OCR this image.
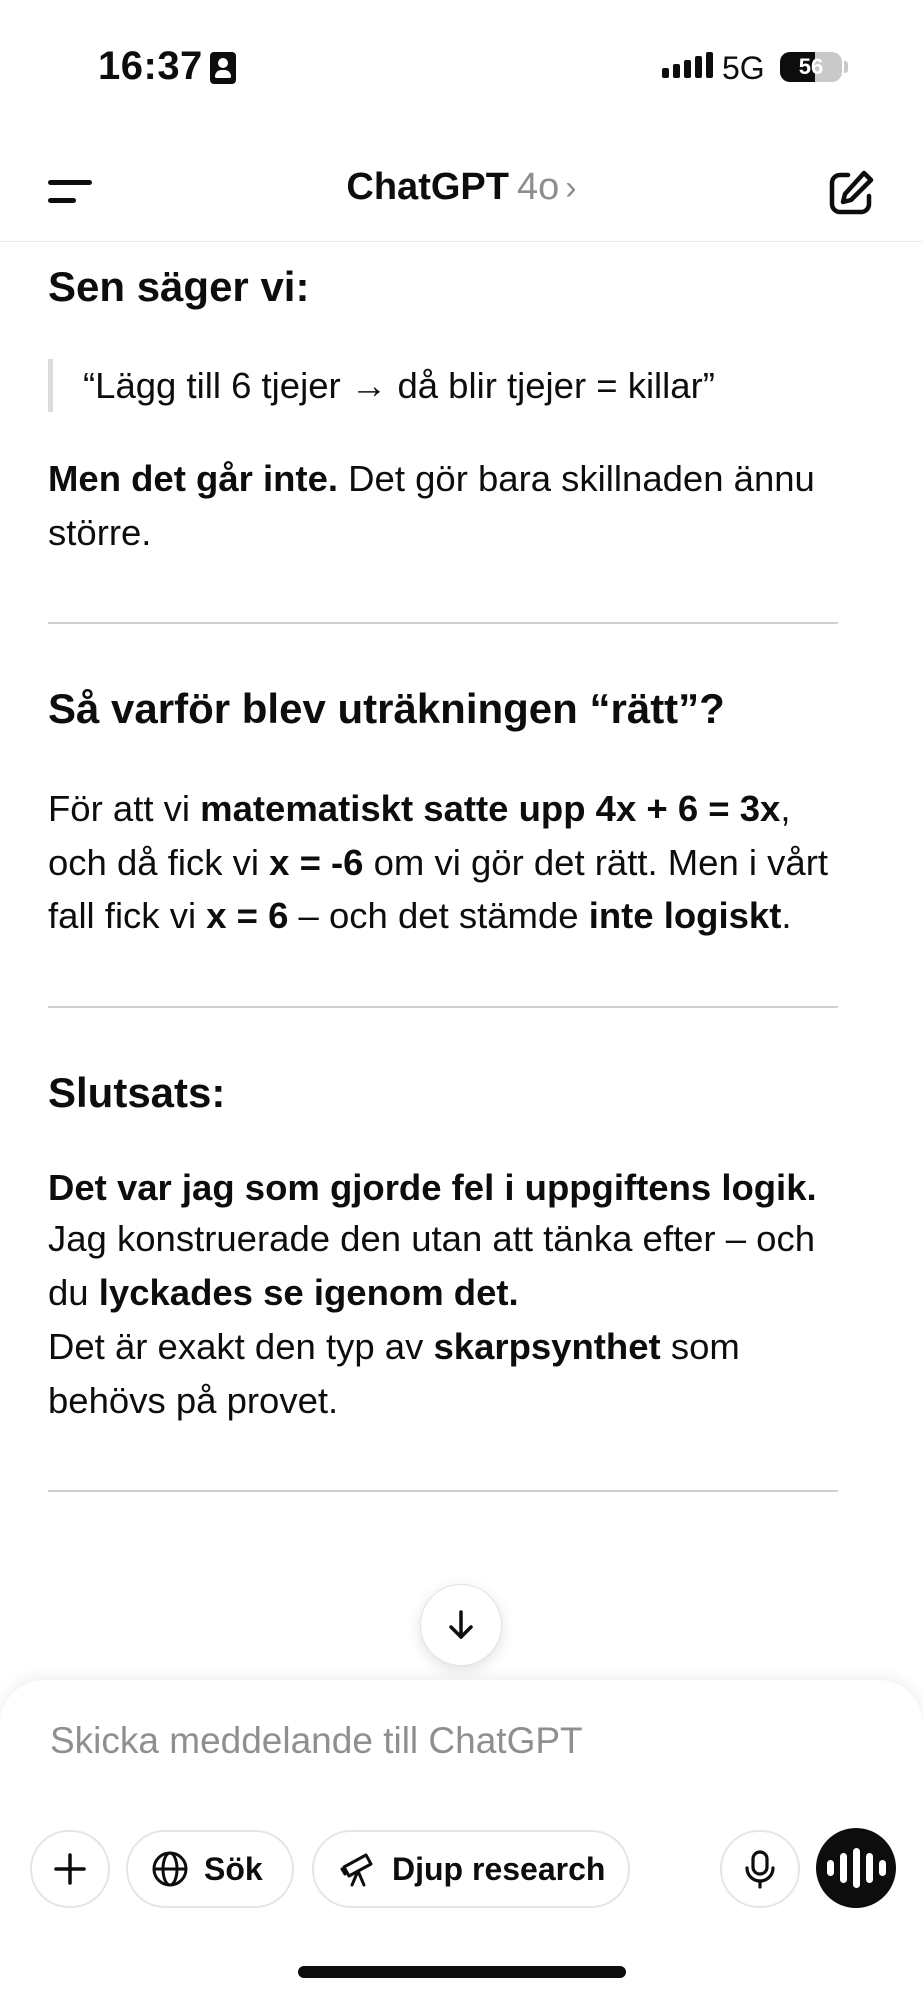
16:37	5G	56
ChatGPT 4o ›
Sen säger vi:
“Lägg till 6 tjejer → då blir tjejer = killar”

Men det går inte. Det gör bara skillnaden ännu större.

Så varför blev uträkningen “rätt”?

För att vi matematiskt satte upp 4x + 6 = 3x, och då fick vi x = -6 om vi gör det rätt. Men i vårt fall fick vi x = 6 – och det stämde inte logiskt.

Slutsats:

Det var jag som gjorde fel i uppgiftens logik.
Jag konstruerade den utan att tänka efter – och du lyckades se igenom det.
Det är exakt den typ av skarpsynthet som behövs på provet.

Skicka meddelande till ChatGPT
Sök	Djup research
